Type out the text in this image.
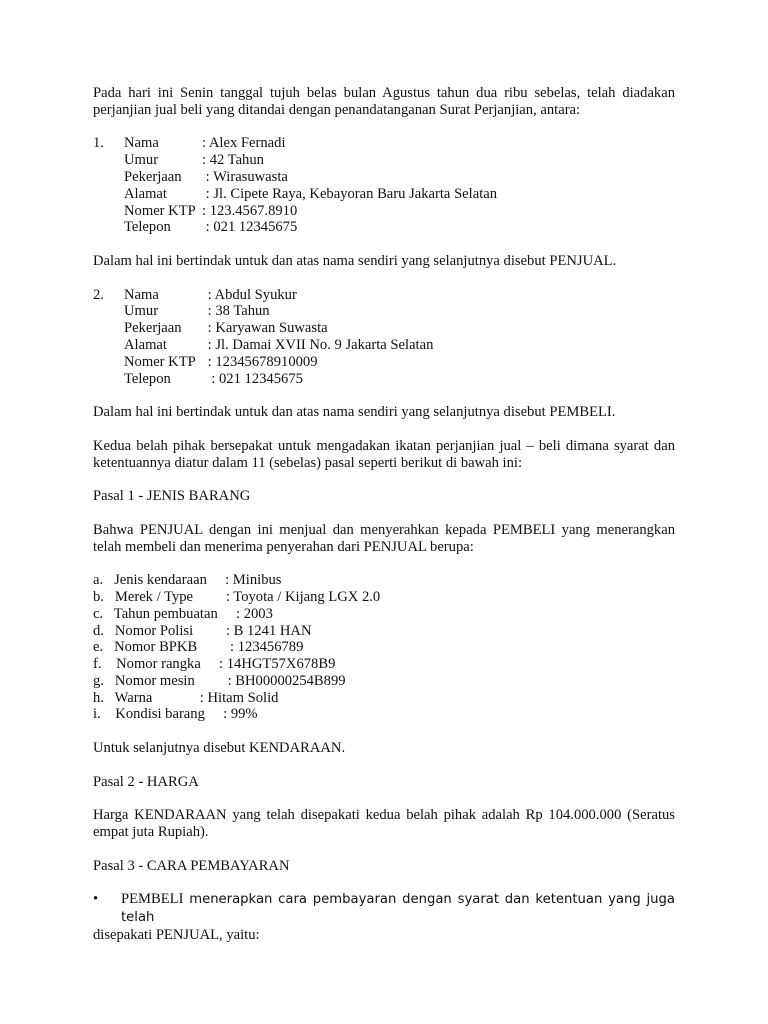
Pada hari ini Senin tanggal tujuh belas bulan Agustus tahun dua ribu sebelas, telah diadakan perjanjian jual beli yang ditandai dengan penandatanganan Surat Perjanjian, antara:

1.	Nama	: Alex Fernadi
Umur	: 42 Tahun
Pekerjaan : Wirasuwasta
Alamat : Jl. Cipete Raya, Kebayoran Baru Jakarta Selatan
Nomer KTP : 123.4567.8910
Telepon : 021 12345675

Dalam hal ini bertindak untuk dan atas nama sendiri yang selanjutnya disebut PENJUAL.

2.	Nama	: Abdul Syukur
Umur	: 38 Tahun
Pekerjaan : Karyawan Suwasta
Alamat	: Jl. Damai XVII No. 9 Jakarta Selatan
Nomer KTP : 12345678910009
Telepon  : 021 12345675

Dalam hal ini bertindak untuk dan atas nama sendiri yang selanjutnya disebut PEMBELI.

Kedua belah pihak bersepakat untuk mengadakan ikatan perjanjian jual – beli dimana syarat dan ketentuannya diatur dalam 11 (sebelas) pasal seperti berikut di bawah ini:

Pasal 1 - JENIS BARANG

Bahwa PENJUAL dengan ini menjual dan menyerahkan kepada PEMBELI yang menerangkan telah membeli dan menerima penyerahan dari PENJUAL berupa:

a.   Jenis kendaraan     : Minibus
b.   Merek / Type         : Toyota / Kijang LGX 2.0
c.   Tahun pembuatan     : 2003
d.   Nomor Polisi         : B 1241 HAN
e.   Nomor BPKB         : 123456789
f.    Nomor rangka     : 14HGT57X678B9
g.   Nomor mesin         : BH00000254B899
h.   Warna             : Hitam Solid
i.    Kondisi barang     : 99%

Untuk selanjutnya disebut KENDARAAN.

Pasal 2 - HARGA

Harga KENDARAAN yang telah disepakati kedua belah pihak adalah Rp 104.000.000 (Seratus empat juta Rupiah).

Pasal 3 - CARA PEMBAYARAN

•	PEMBELI menerapkan cara pembayaran dengan syarat dan ketentuan yang juga telah

disepakati PENJUAL, yaitu:
